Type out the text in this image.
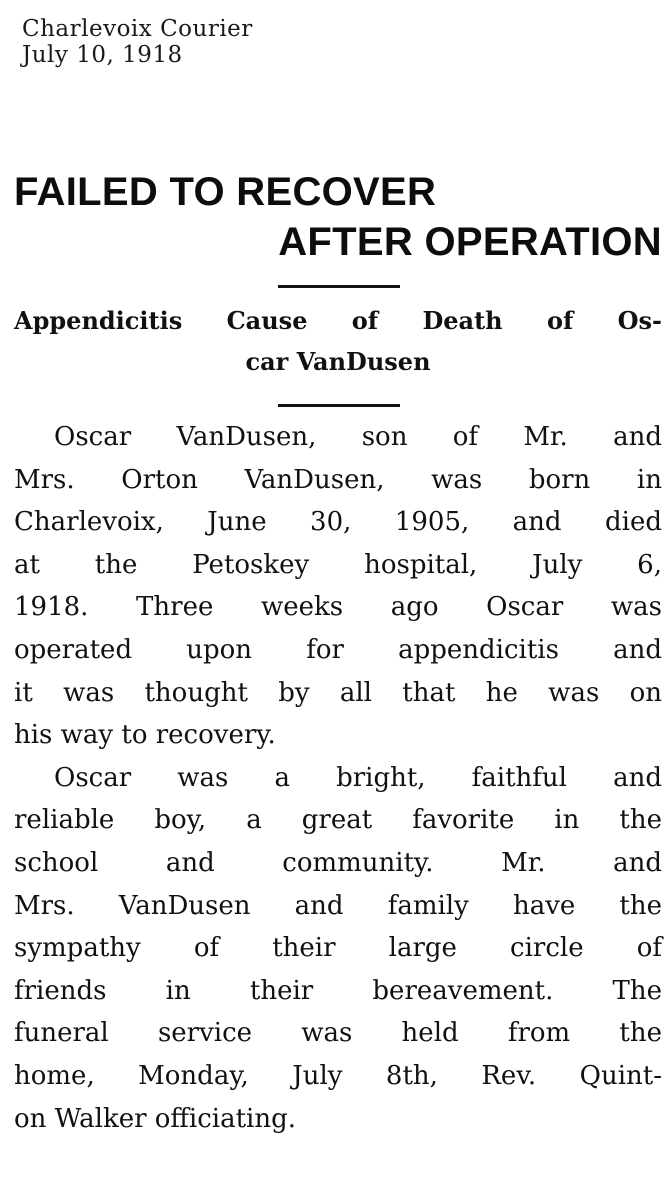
Charlevoix Courier
July 10, 1918
FAILED TO RECOVER
AFTER OPERATION
Appendicitis Cause of Death of Os-
car VanDusen
Oscar VanDusen, son of Mr. and
Mrs. Orton VanDusen, was born in
Charlevoix, June 30, 1905, and died
at the Petoskey hospital, July 6,
1918. Three weeks ago Oscar was
operated upon for appendicitis and
it was thought by all that he was on
his way to recovery.
Oscar was a bright, faithful and
reliable boy, a great favorite in the
school and community. Mr. and
Mrs. VanDusen and family have the
sympathy of their large circle of
friends in their bereavement. The
funeral service was held from the
home, Monday, July 8th, Rev. Quint-
on Walker officiating.
